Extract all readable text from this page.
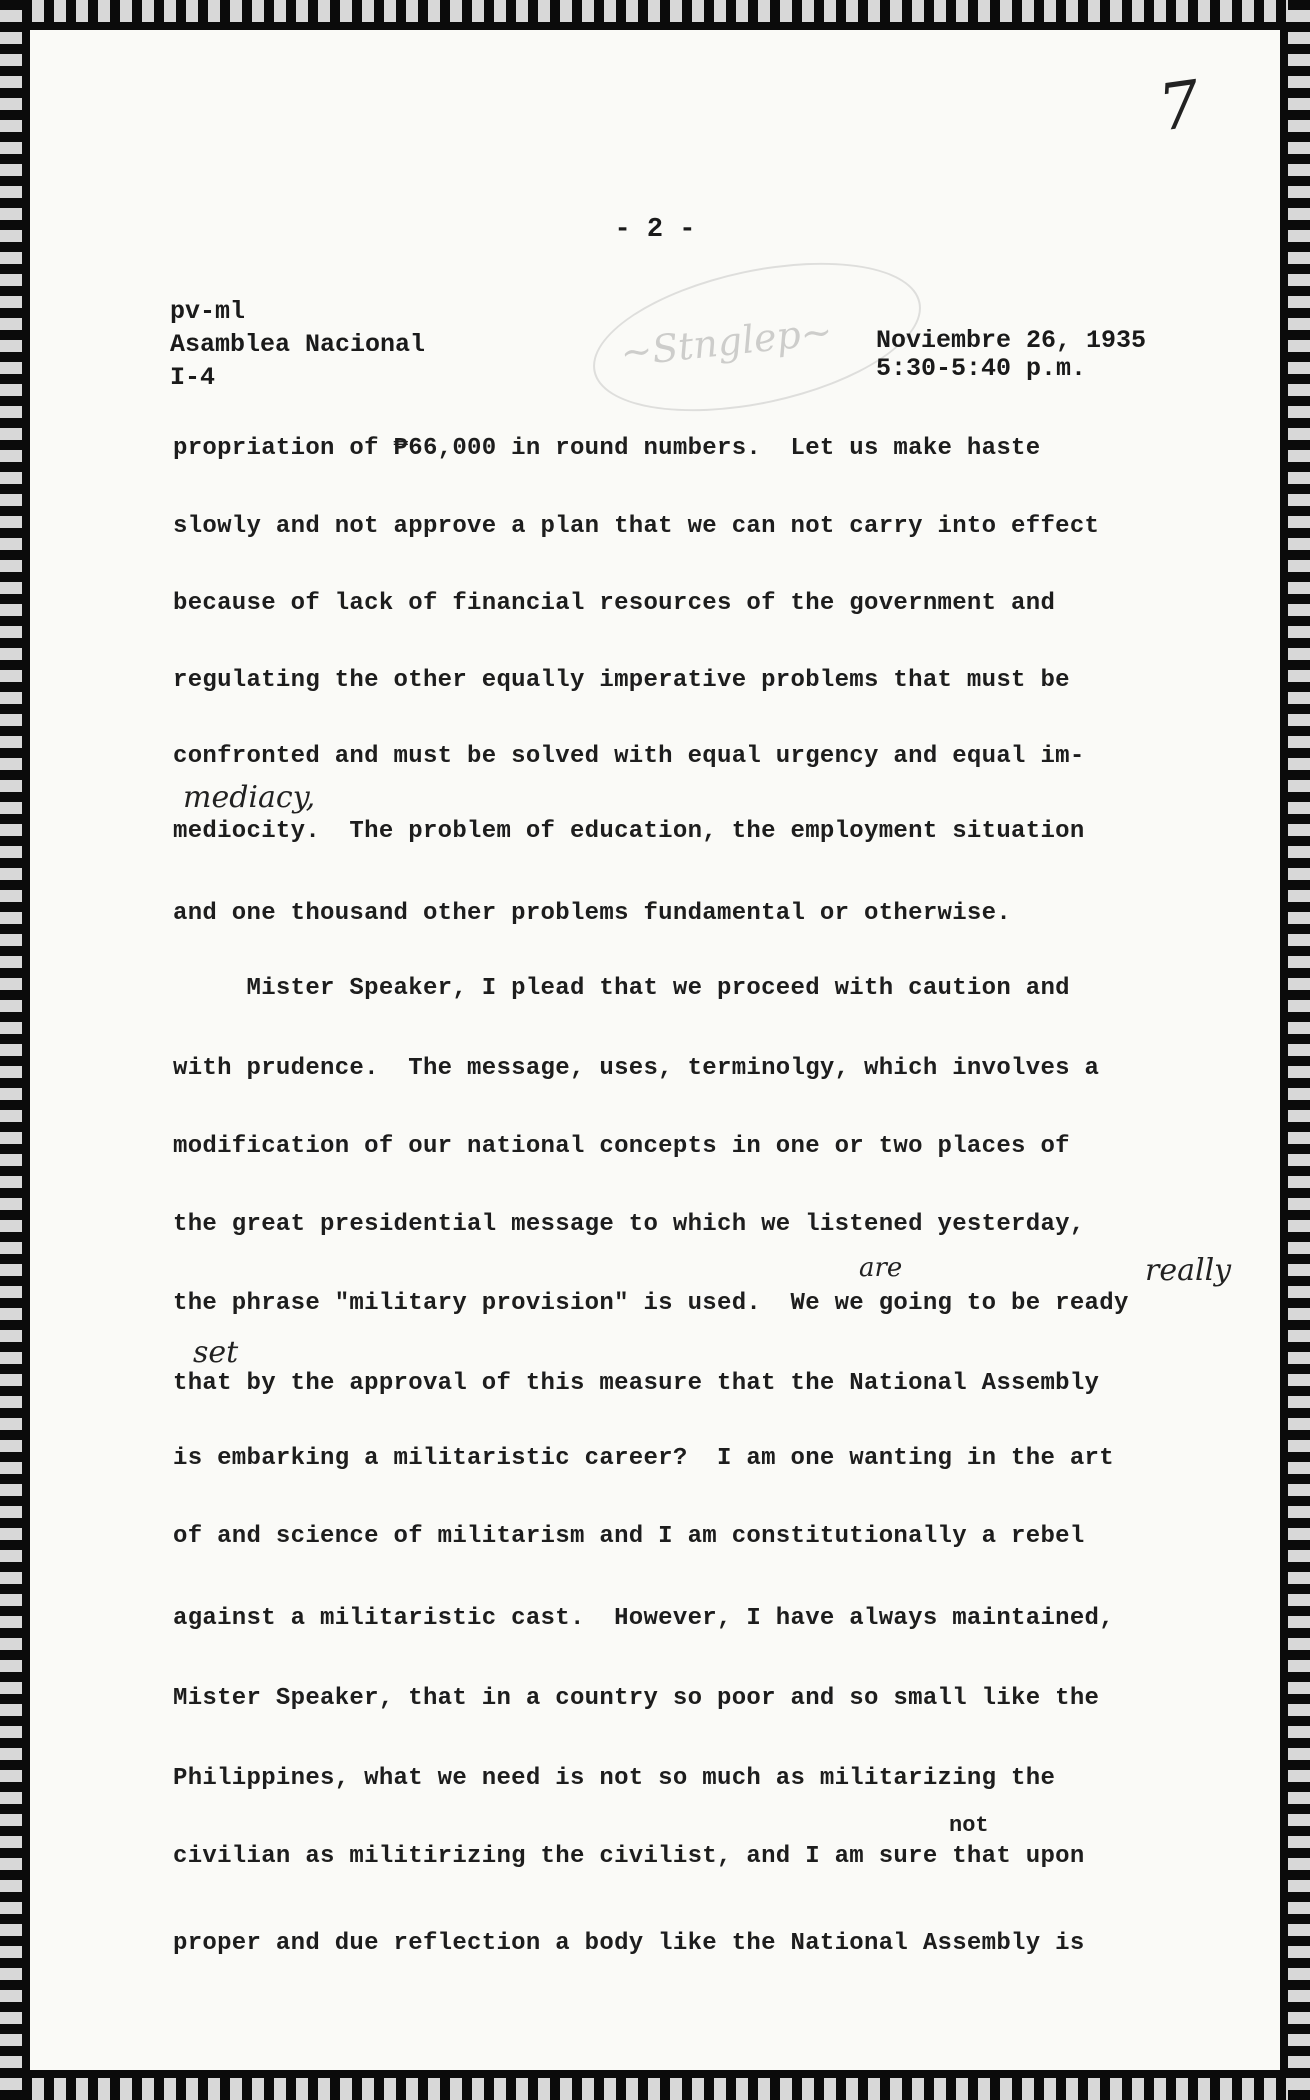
7
~Stnglep~
- 2 -
pv-ml
Asamblea Nacional
I-4
Noviembre 26, 1935
5:30-5:40 p.m.
propriation of ₱66,000 in round numbers.  Let us make haste
slowly and not approve a plan that we can not carry into effect
because of lack of financial resources of the government and
regulating the other equally imperative problems that must be
confronted and must be solved with equal urgency and equal im-
mediocity.  The problem of education, the employment situation
and one thousand other problems fundamental or otherwise.
Mister Speaker, I plead that we proceed with caution and
with prudence.  The message, uses, terminolgy, which involves a
modification of our national concepts in one or two places of
the great presidential message to which we listened yesterday,
the phrase "military provision" is used.  We we going to be ready
that by the approval of this measure that the National Assembly
is embarking a militaristic career?  I am one wanting in the art
of and science of militarism and I am constitutionally a rebel
against a militaristic cast.  However, I have always maintained,
Mister Speaker, that in a country so poor and so small like the
Philippines, what we need is not so much as militarizing the
civilian as militirizing the civilist, and I am sure that upon
proper and due reflection a body like the National Assembly is
mediacy,
are	really
set
not
